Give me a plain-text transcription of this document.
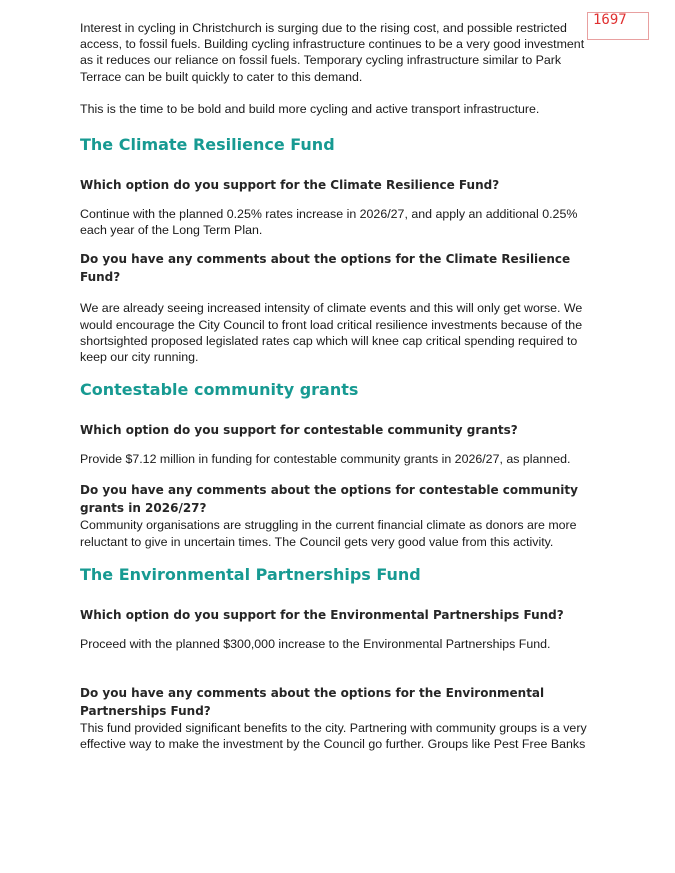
1697

Interest in cycling in Christchurch is surging due to the rising cost, and possible restricted access, to fossil fuels. Building cycling infrastructure continues to be a very good investment as it reduces our reliance on fossil fuels. Temporary cycling infrastructure similar to Park Terrace can be built quickly to cater to this demand.

This is the time to be bold and build more cycling and active transport infrastructure.

The Climate Resilience Fund
Which option do you support for the Climate Resilience Fund?

Continue with the planned 0.25% rates increase in 2026/27, and apply an additional 0.25% each year of the Long Term Plan.

Do you have any comments about the options for the Climate Resilience Fund?

We are already seeing increased intensity of climate events and this will only get worse. We would encourage the City Council to front load critical resilience investments because of the shortsighted proposed legislated rates cap which will knee cap critical spending required to keep our city running.

Contestable community grants
Which option do you support for contestable community grants?

Provide $7.12 million in funding for contestable community grants in 2026/27, as planned.

Do you have any comments about the options for contestable community grants in 2026/27?

Community organisations are struggling in the current financial climate as donors are more reluctant to give in uncertain times. The Council gets very good value from this activity.

The Environmental Partnerships Fund
Which option do you support for the Environmental Partnerships Fund?

Proceed with the planned $300,000 increase to the Environmental Partnerships Fund.

Do you have any comments about the options for the Environmental Partnerships Fund?

This fund provided significant benefits to the city. Partnering with community groups is a very effective way to make the investment by the Council go further. Groups like Pest Free Banks
